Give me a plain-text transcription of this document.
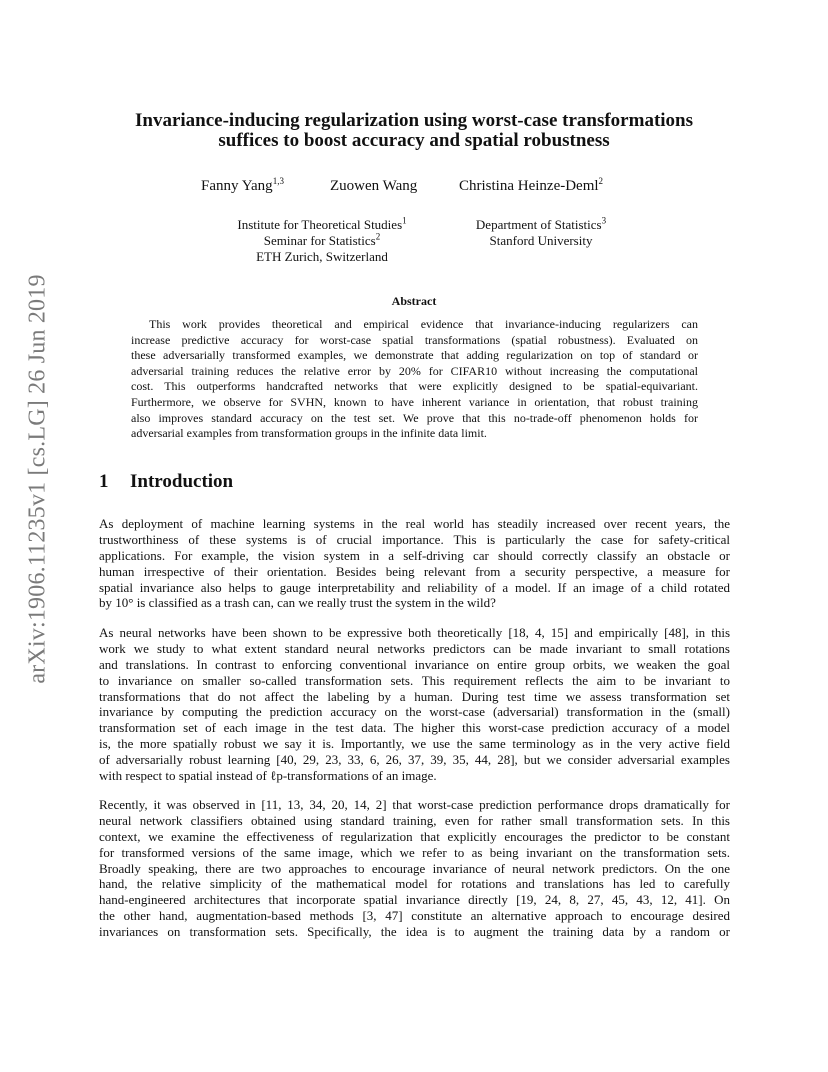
arXiv:1906.11235v1 [cs.LG] 26 Jun 2019
Invariance-inducing regularization using worst-case transformations
suffices to boost accuracy and spatial robustness
Fanny Yang$^{1,3}$	Zuowen Wang	Christina Heinze-Deml$^2$
Institute for Theoretical Studies$^1$
Seminar for Statistics$^2$
ETH Zurich, Switzerland
Department of Statistics$^3$
Stanford University
Abstract
This work provides theoretical and empirical evidence that invariance-inducing regularizers can
increase predictive accuracy for worst-case spatial transformations (spatial robustness). Evaluated on
these adversarially transformed examples, we demonstrate that adding regularization on top of standard or
adversarial training reduces the relative error by 20% for CIFAR10 without increasing the computational
cost. This outperforms handcrafted networks that were explicitly designed to be spatial-equivariant.
Furthermore, we observe for SVHN, known to have inherent variance in orientation, that robust training
also improves standard accuracy on the test set. We prove that this no-trade-off phenomenon holds for
adversarial examples from transformation groups in the infinite data limit.
1 Introduction
As deployment of machine learning systems in the real world has steadily increased over recent years, the
trustworthiness of these systems is of crucial importance. This is particularly the case for safety-critical
applications. For example, the vision system in a self-driving car should correctly classify an obstacle or
human irrespective of their orientation. Besides being relevant from a security perspective, a measure for
spatial invariance also helps to gauge interpretability and reliability of a model. If an image of a child rotated
by 10° is classified as a trash can, can we really trust the system in the wild?
As neural networks have been shown to be expressive both theoretically [18, 4, 15] and empirically [48], in this
work we study to what extent standard neural networks predictors can be made invariant to small rotations
and translations. In contrast to enforcing conventional invariance on entire group orbits, we weaken the goal
to invariance on smaller so-called transformation sets. This requirement reflects the aim to be invariant to
transformations that do not affect the labeling by a human. During test time we assess transformation set
invariance by computing the prediction accuracy on the worst-case (adversarial) transformation in the (small)
transformation set of each image in the test data. The higher this worst-case prediction accuracy of a model
is, the more spatially robust we say it is. Importantly, we use the same terminology as in the very active field
of adversarially robust learning [40, 29, 23, 33, 6, 26, 37, 39, 35, 44, 28], but we consider adversarial examples
with respect to spatial instead of ℓp-transformations of an image.
Recently, it was observed in [11, 13, 34, 20, 14, 2] that worst-case prediction performance drops dramatically for
neural network classifiers obtained using standard training, even for rather small transformation sets. In this
context, we examine the effectiveness of regularization that explicitly encourages the predictor to be constant
for transformed versions of the same image, which we refer to as being invariant on the transformation sets.
Broadly speaking, there are two approaches to encourage invariance of neural network predictors. On the one
hand, the relative simplicity of the mathematical model for rotations and translations has led to carefully
hand-engineered architectures that incorporate spatial invariance directly [19, 24, 8, 27, 45, 43, 12, 41]. On
the other hand, augmentation-based methods [3, 47] constitute an alternative approach to encourage desired
invariances on transformation sets. Specifically, the idea is to augment the training data by a random or
